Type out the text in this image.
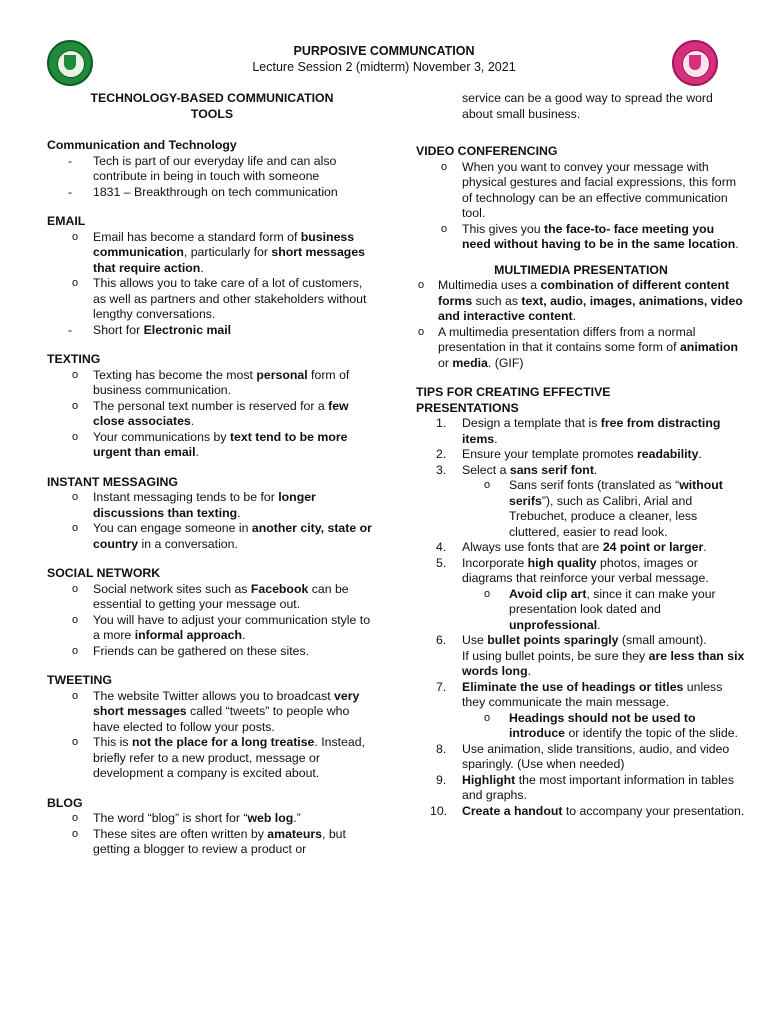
PURPOSIVE COMMUNCATION
Lecture Session 2 (midterm) November 3, 2021
TECHNOLOGY-BASED COMMUNICATION
TOOLS
Communication and Technology
- Tech is part of our everyday life and can also contribute in being in touch with someone
- 1831 – Breakthrough on tech communication
EMAIL
o Email has become a standard form of business communication, particularly for short messages that require action.
o This allows you to take care of a lot of customers, as well as partners and other stakeholders without lengthy conversations.
- Short for Electronic mail
TEXTING
o Texting has become the most personal form of business communication.
o The personal text number is reserved for a few close associates.
o Your communications by text tend to be more urgent than email.
INSTANT MESSAGING
o Instant messaging tends to be for longer discussions than texting.
o You can engage someone in another city, state or country in a conversation.
SOCIAL NETWORK
o Social network sites such as Facebook can be essential to getting your message out.
o You will have to adjust your communication style to a more informal approach.
o Friends can be gathered on these sites.
TWEETING
o The website Twitter allows you to broadcast very short messages called “tweets” to people who have elected to follow your posts.
o This is not the place for a long treatise. Instead, briefly refer to a new product, message or development a company is excited about.
BLOG
o The word “blog” is short for “web log.”
o These sites are often written by amateurs, but getting a blogger to review a product or
service can be a good way to spread the word about small business.
VIDEO CONFERENCING
o When you want to convey your message with physical gestures and facial expressions, this form of technology can be an effective communication tool.
o This gives you the face-to- face meeting you need without having to be in the same location.
MULTIMEDIA PRESENTATION
o Multimedia uses a combination of different content forms such as text, audio, images, animations, video and interactive content.
o A multimedia presentation differs from a normal presentation in that it contains some form of animation or media. (GIF)
TIPS FOR CREATING EFFECTIVE PRESENTATIONS
1. Design a template that is free from distracting items.
2. Ensure your template promotes readability.
3. Select a sans serif font.
o Sans serif fonts (translated as “without serifs”), such as Calibri, Arial and Trebuchet, produce a cleaner, less cluttered, easier to read look.
4. Always use fonts that are 24 point or larger.
5. Incorporate high quality photos, images or diagrams that reinforce your verbal message.
o Avoid clip art, since it can make your presentation look dated and unprofessional.
6. Use bullet points sparingly (small amount).
If using bullet points, be sure they are less than six words long.
7. Eliminate the use of headings or titles unless they communicate the main message.
o Headings should not be used to introduce or identify the topic of the slide.
8. Use animation, slide transitions, audio, and video sparingly. (Use when needed)
9. Highlight the most important information in tables and graphs.
10. Create a handout to accompany your presentation.
